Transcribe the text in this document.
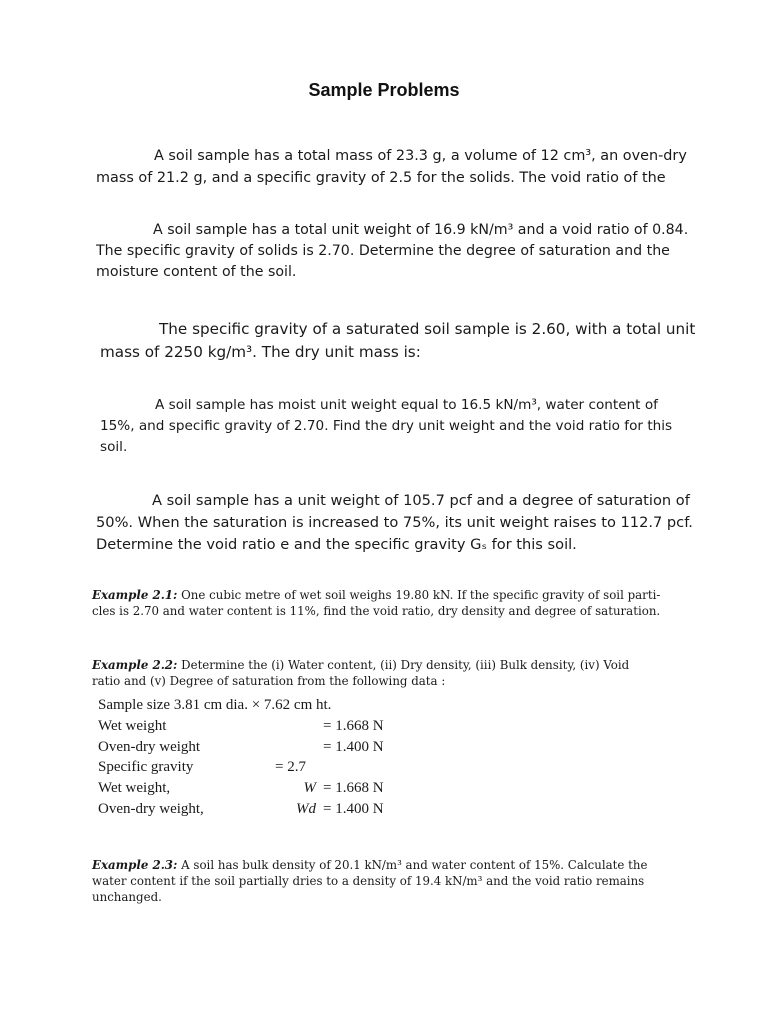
Sample Problems

A soil sample has a total mass of 23.3 g, a volume of 12 cm³, an oven-dry

mass of 21.2 g, and a specific gravity of 2.5 for the solids. The void ratio of the

A soil sample has a total unit weight of 16.9 kN/m³ and a void ratio of 0.84.

The specific gravity of solids is 2.70. Determine the degree of saturation and the

moisture content of the soil.

The specific gravity of a saturated soil sample is 2.60, with a total unit

mass of 2250 kg/m³. The dry unit mass is:

A soil sample has moist unit weight equal to 16.5 kN/m³, water content of

15%, and specific gravity of 2.70. Find the dry unit weight and the void ratio for this

soil.

A soil sample has a unit weight of 105.7 pcf and a degree of saturation of

50%. When the saturation is increased to 75%, its unit weight raises to 112.7 pcf.

Determine the void ratio e and the specific gravity Gₛ for this soil.

Example 2.1: One cubic metre of wet soil weighs 19.80 kN. If the specific gravity of soil parti-

cles is 2.70 and water content is 11%, find the void ratio, dry density and degree of saturation.

Example 2.2: Determine the (i) Water content, (ii) Dry density, (iii) Bulk density, (iv) Void

ratio and (v) Degree of saturation from the following data :

Sample size 3.81 cm dia. × 7.62 cm ht.
Wet weight	= 1.668 N
Oven-dry weight	= 1.400 N
Specific gravity	= 2.7
Wet weight,	W = 1.668 N
Oven-dry weight,	Wd = 1.400 N

Example 2.3: A soil has bulk density of 20.1 kN/m³ and water content of 15%. Calculate the

water content if the soil partially dries to a density of 19.4 kN/m³ and the void ratio remains

unchanged.
